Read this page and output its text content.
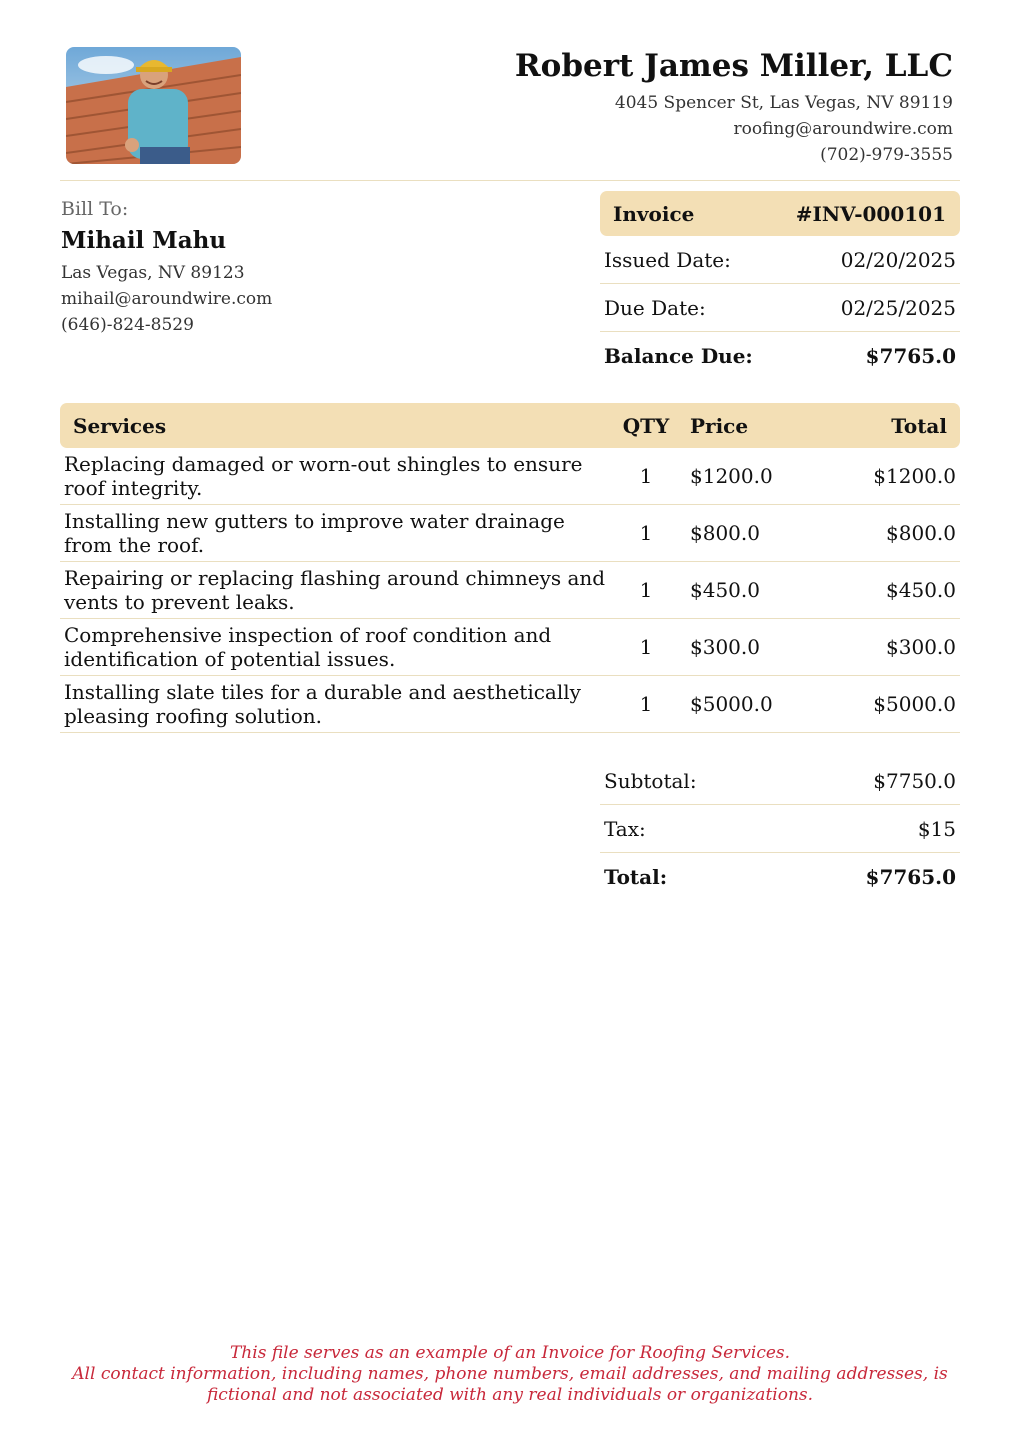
Robert James Miller, LLC
4045 Spencer St, Las Vegas, NV 89119
roofing@aroundwire.com
(702)-979-3555
Bill To:
Mihail Mahu
Las Vegas, NV 89123
mihail@aroundwire.com
(646)-824-8529
Invoice	#INV-000101
Issued Date:	02/20/2025
Due Date:	02/25/2025
Balance Due:	$7765.0
Services	QTY	Price	Total
Replacing damaged or worn-out shingles to ensure roof integrity.	1	$1200.0	$1200.0
Installing new gutters to improve water drainage from the roof.	1	$800.0	$800.0
Repairing or replacing flashing around chimneys and vents to prevent leaks.	1	$450.0	$450.0
Comprehensive inspection of roof condition and identification of potential issues.	1	$300.0	$300.0
Installing slate tiles for a durable and aesthetically pleasing roofing solution.	1	$5000.0	$5000.0
Subtotal:	$7750.0
Tax:	$15
Total:	$7765.0
This file serves as an example of an Invoice for Roofing Services.
All contact information, including names, phone numbers, email addresses, and mailing addresses, is
fictional and not associated with any real individuals or organizations.
